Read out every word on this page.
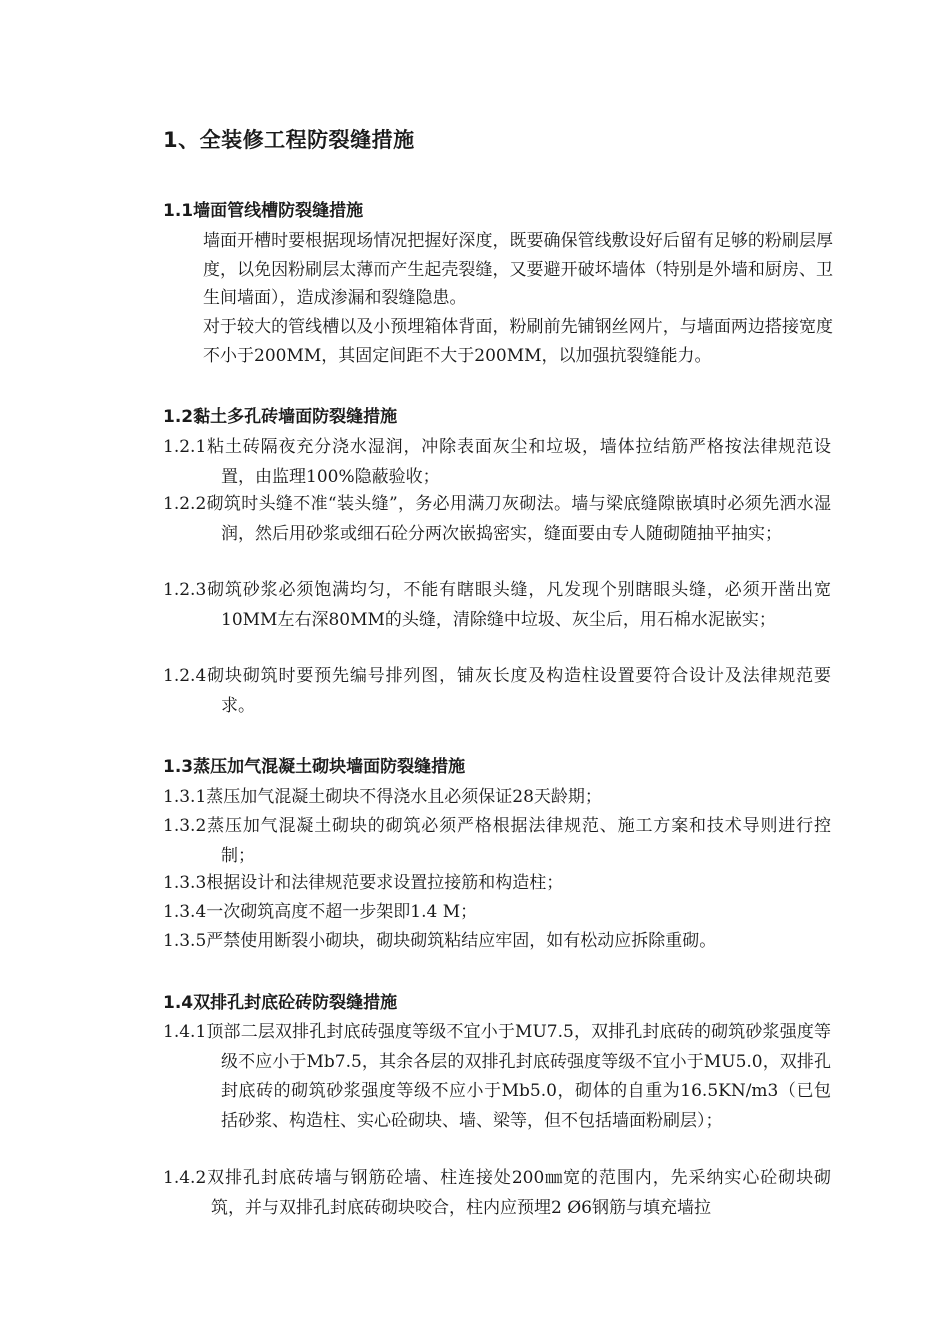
1、全装修工程防裂缝措施
1.1墙面管线槽防裂缝措施
墙面开槽时要根据现场情况把握好深度，既要确保管线敷设好后留有足够的粉刷层厚度，以免因粉刷层太薄而产生起壳裂缝，又要避开破坏墙体（特别是外墙和厨房、卫生间墙面），造成渗漏和裂缝隐患。
对于较大的管线槽以及小预埋箱体背面，粉刷前先铺钢丝网片，与墙面两边搭接宽度不小于200MM，其固定间距不大于200MM，以加强抗裂缝能力。
1.2黏土多孔砖墙面防裂缝措施
1.2.1粘土砖隔夜充分浇水湿润，冲除表面灰尘和垃圾，墙体拉结筋严格按法律规范设置，由监理100%隐蔽验收；
1.2.2砌筑时头缝不准“装头缝”，务必用满刀灰砌法。墙与梁底缝隙嵌填时必须先洒水湿润，然后用砂浆或细石砼分两次嵌捣密实，缝面要由专人随砌随抽平抽实；
1.2.3砌筑砂浆必须饱满均匀，不能有瞎眼头缝，凡发现个别瞎眼头缝，必须开凿出宽10MM左右深80MM的头缝，清除缝中垃圾、灰尘后，用石棉水泥嵌实；
1.2.4砌块砌筑时要预先编号排列图，铺灰长度及构造柱设置要符合设计及法律规范要求。
1.3蒸压加气混凝土砌块墙面防裂缝措施
1.3.1蒸压加气混凝土砌块不得浇水且必须保证28天龄期；
1.3.2蒸压加气混凝土砌块的砌筑必须严格根据法律规范、施工方案和技术导则进行控制；
1.3.3根据设计和法律规范要求设置拉接筋和构造柱；
1.3.4一次砌筑高度不超一步架即1.4 M；
1.3.5严禁使用断裂小砌块，砌块砌筑粘结应牢固，如有松动应拆除重砌。
1.4双排孔封底砼砖防裂缝措施
1.4.1顶部二层双排孔封底砖强度等级不宜小于MU7.5，双排孔封底砖的砌筑砂浆强度等级不应小于Mb7.5，其余各层的双排孔封底砖强度等级不宜小于MU5.0，双排孔封底砖的砌筑砂浆强度等级不应小于Mb5.0，砌体的自重为16.5KN/m3（已包括砂浆、构造柱、实心砼砌块、墙、梁等，但不包括墙面粉刷层）；
1.4.2双排孔封底砖墙与钢筋砼墙、柱连接处200㎜宽的范围内，先采纳实心砼砌块砌筑，并与双排孔封底砖砌块咬合，柱内应预埋2 Ø6钢筋与填充墙拉
